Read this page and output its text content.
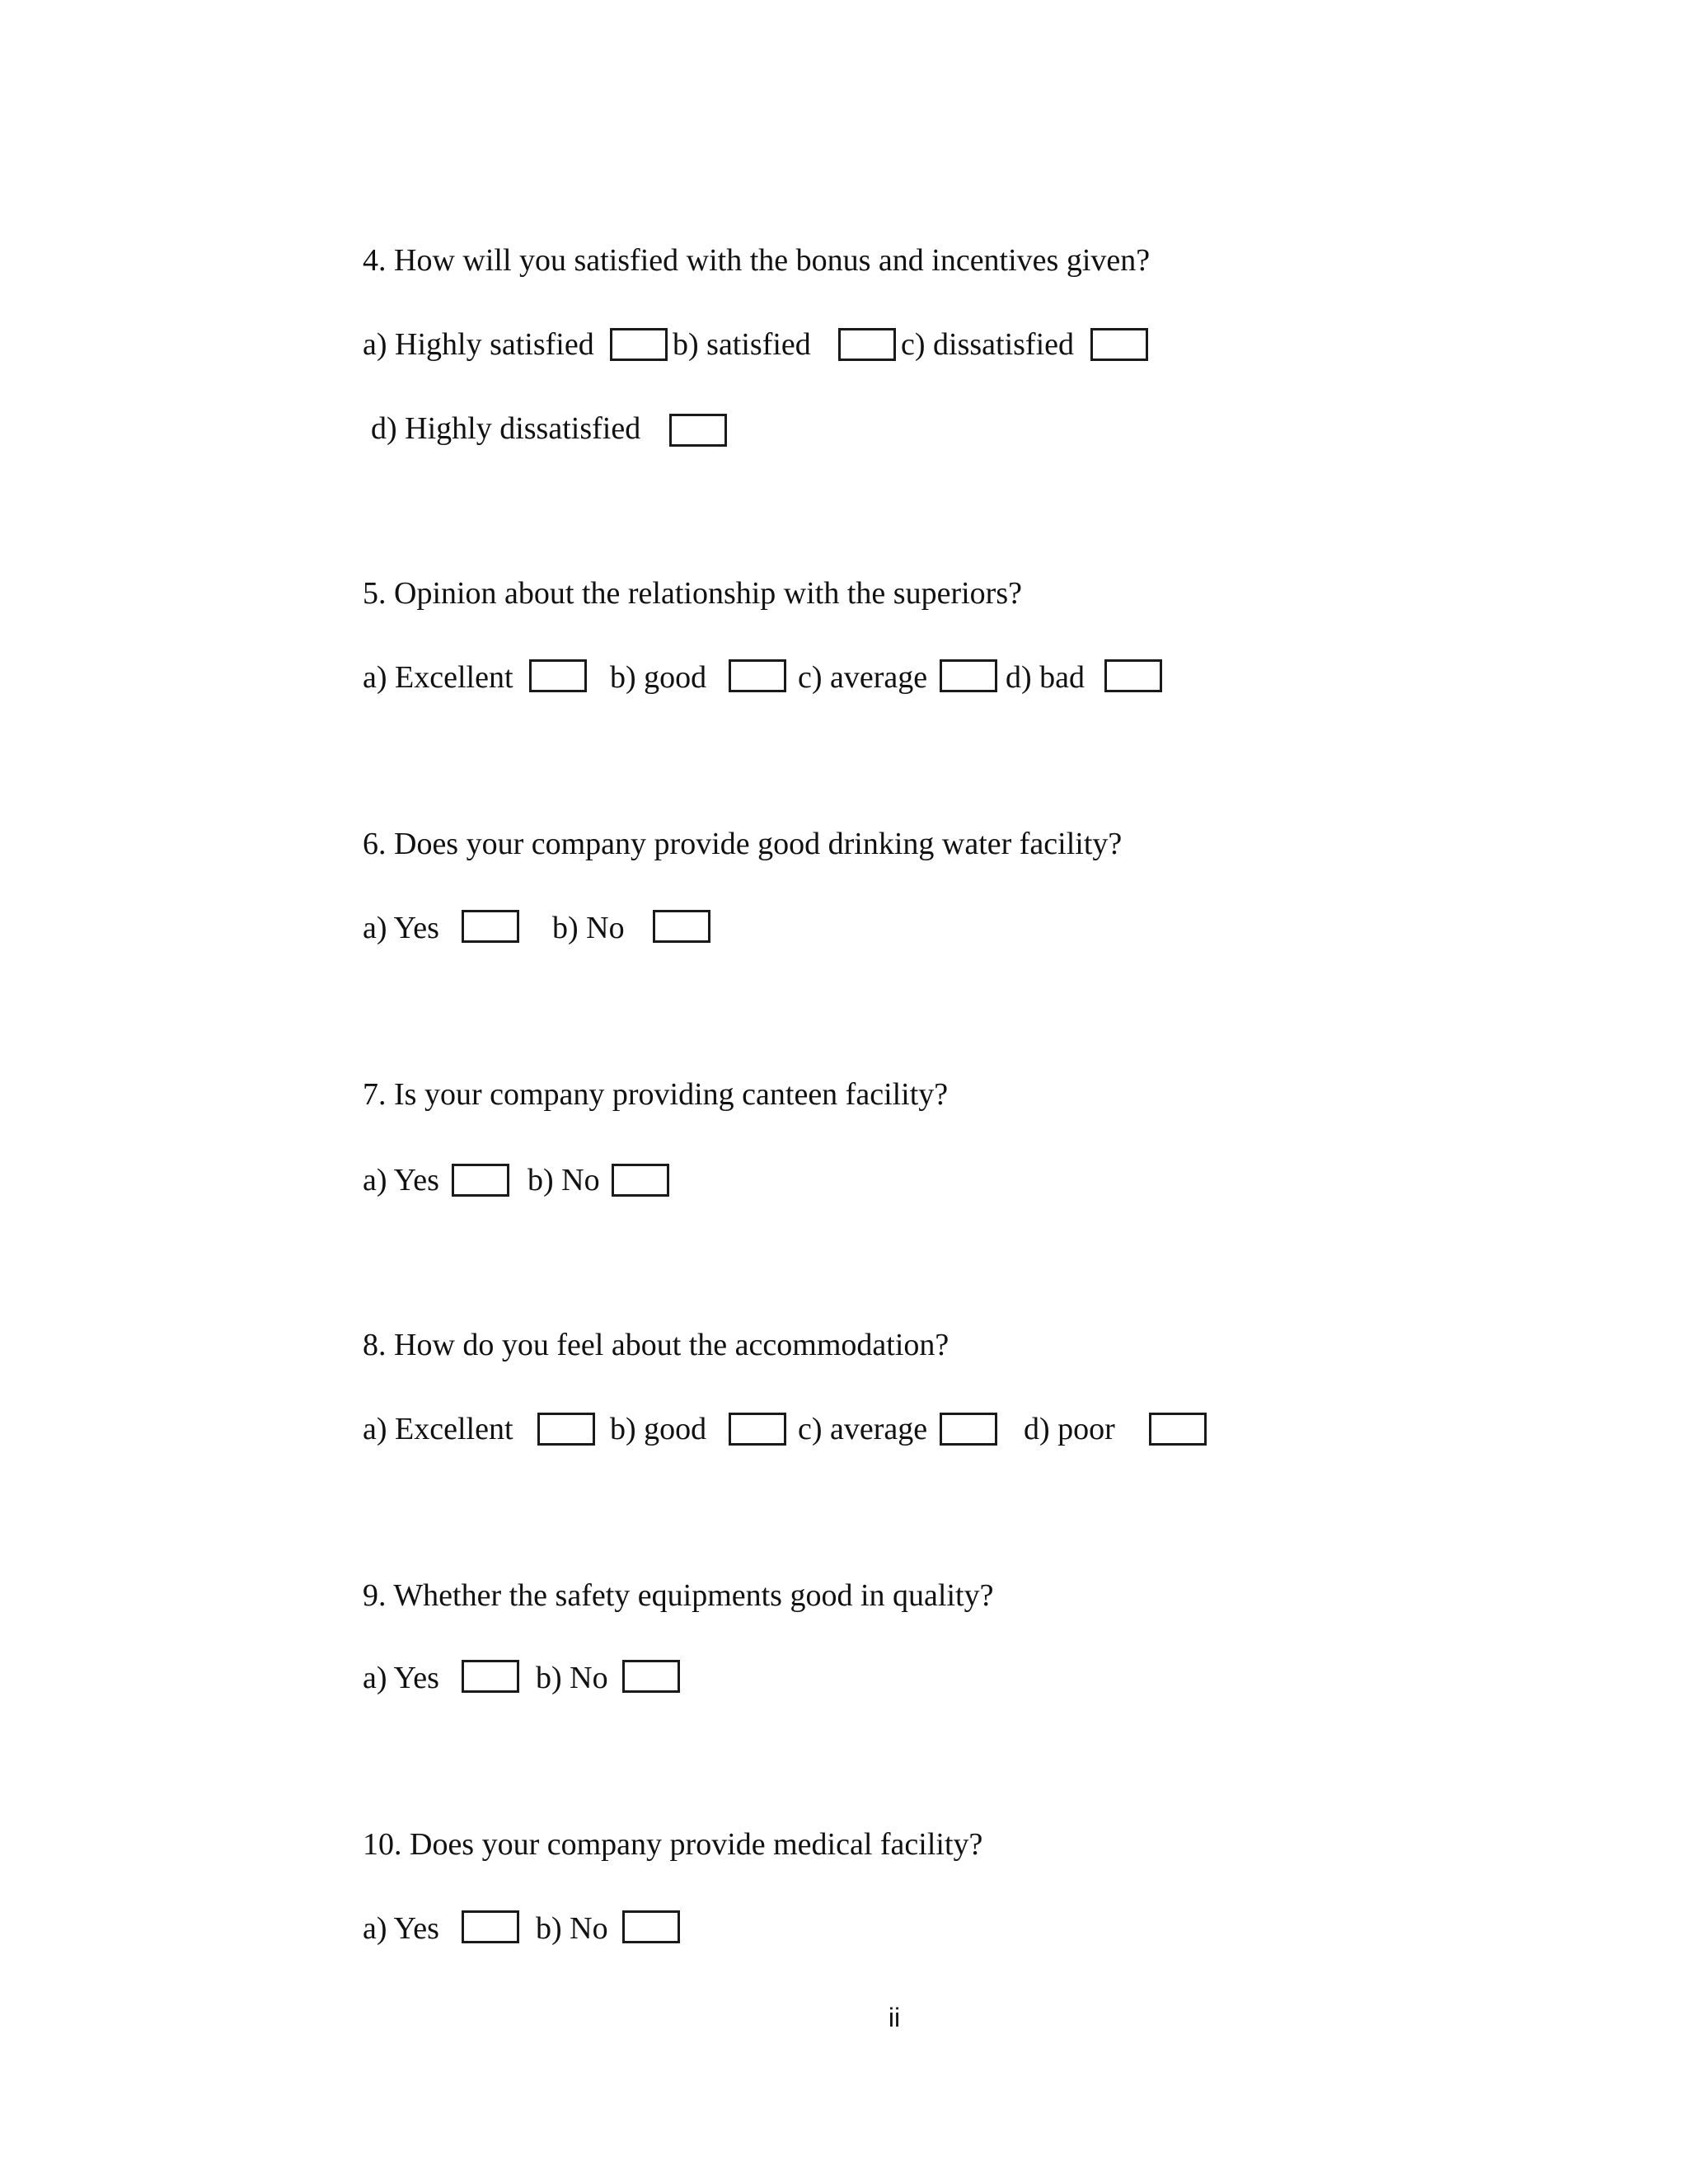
4. How will you satisfied with the bonus and incentives given?
a) Highly satisfied	b) satisfied	c) dissatisfied
d) Highly dissatisfied
5. Opinion about the relationship with the superiors?
a) Excellent	b) good	c) average d) bad
6. Does your company provide good drinking water facility?
a) Yes	b) No
7. Is your company providing canteen facility?
a) Yes	b) No
8. How do you feel about the accommodation?
a) Excellent	b) good	c) average	d) poor
9. Whether the safety equipments good in quality?
a) Yes	b) No
10. Does your company provide medical facility?
a) Yes	b) No
ii
